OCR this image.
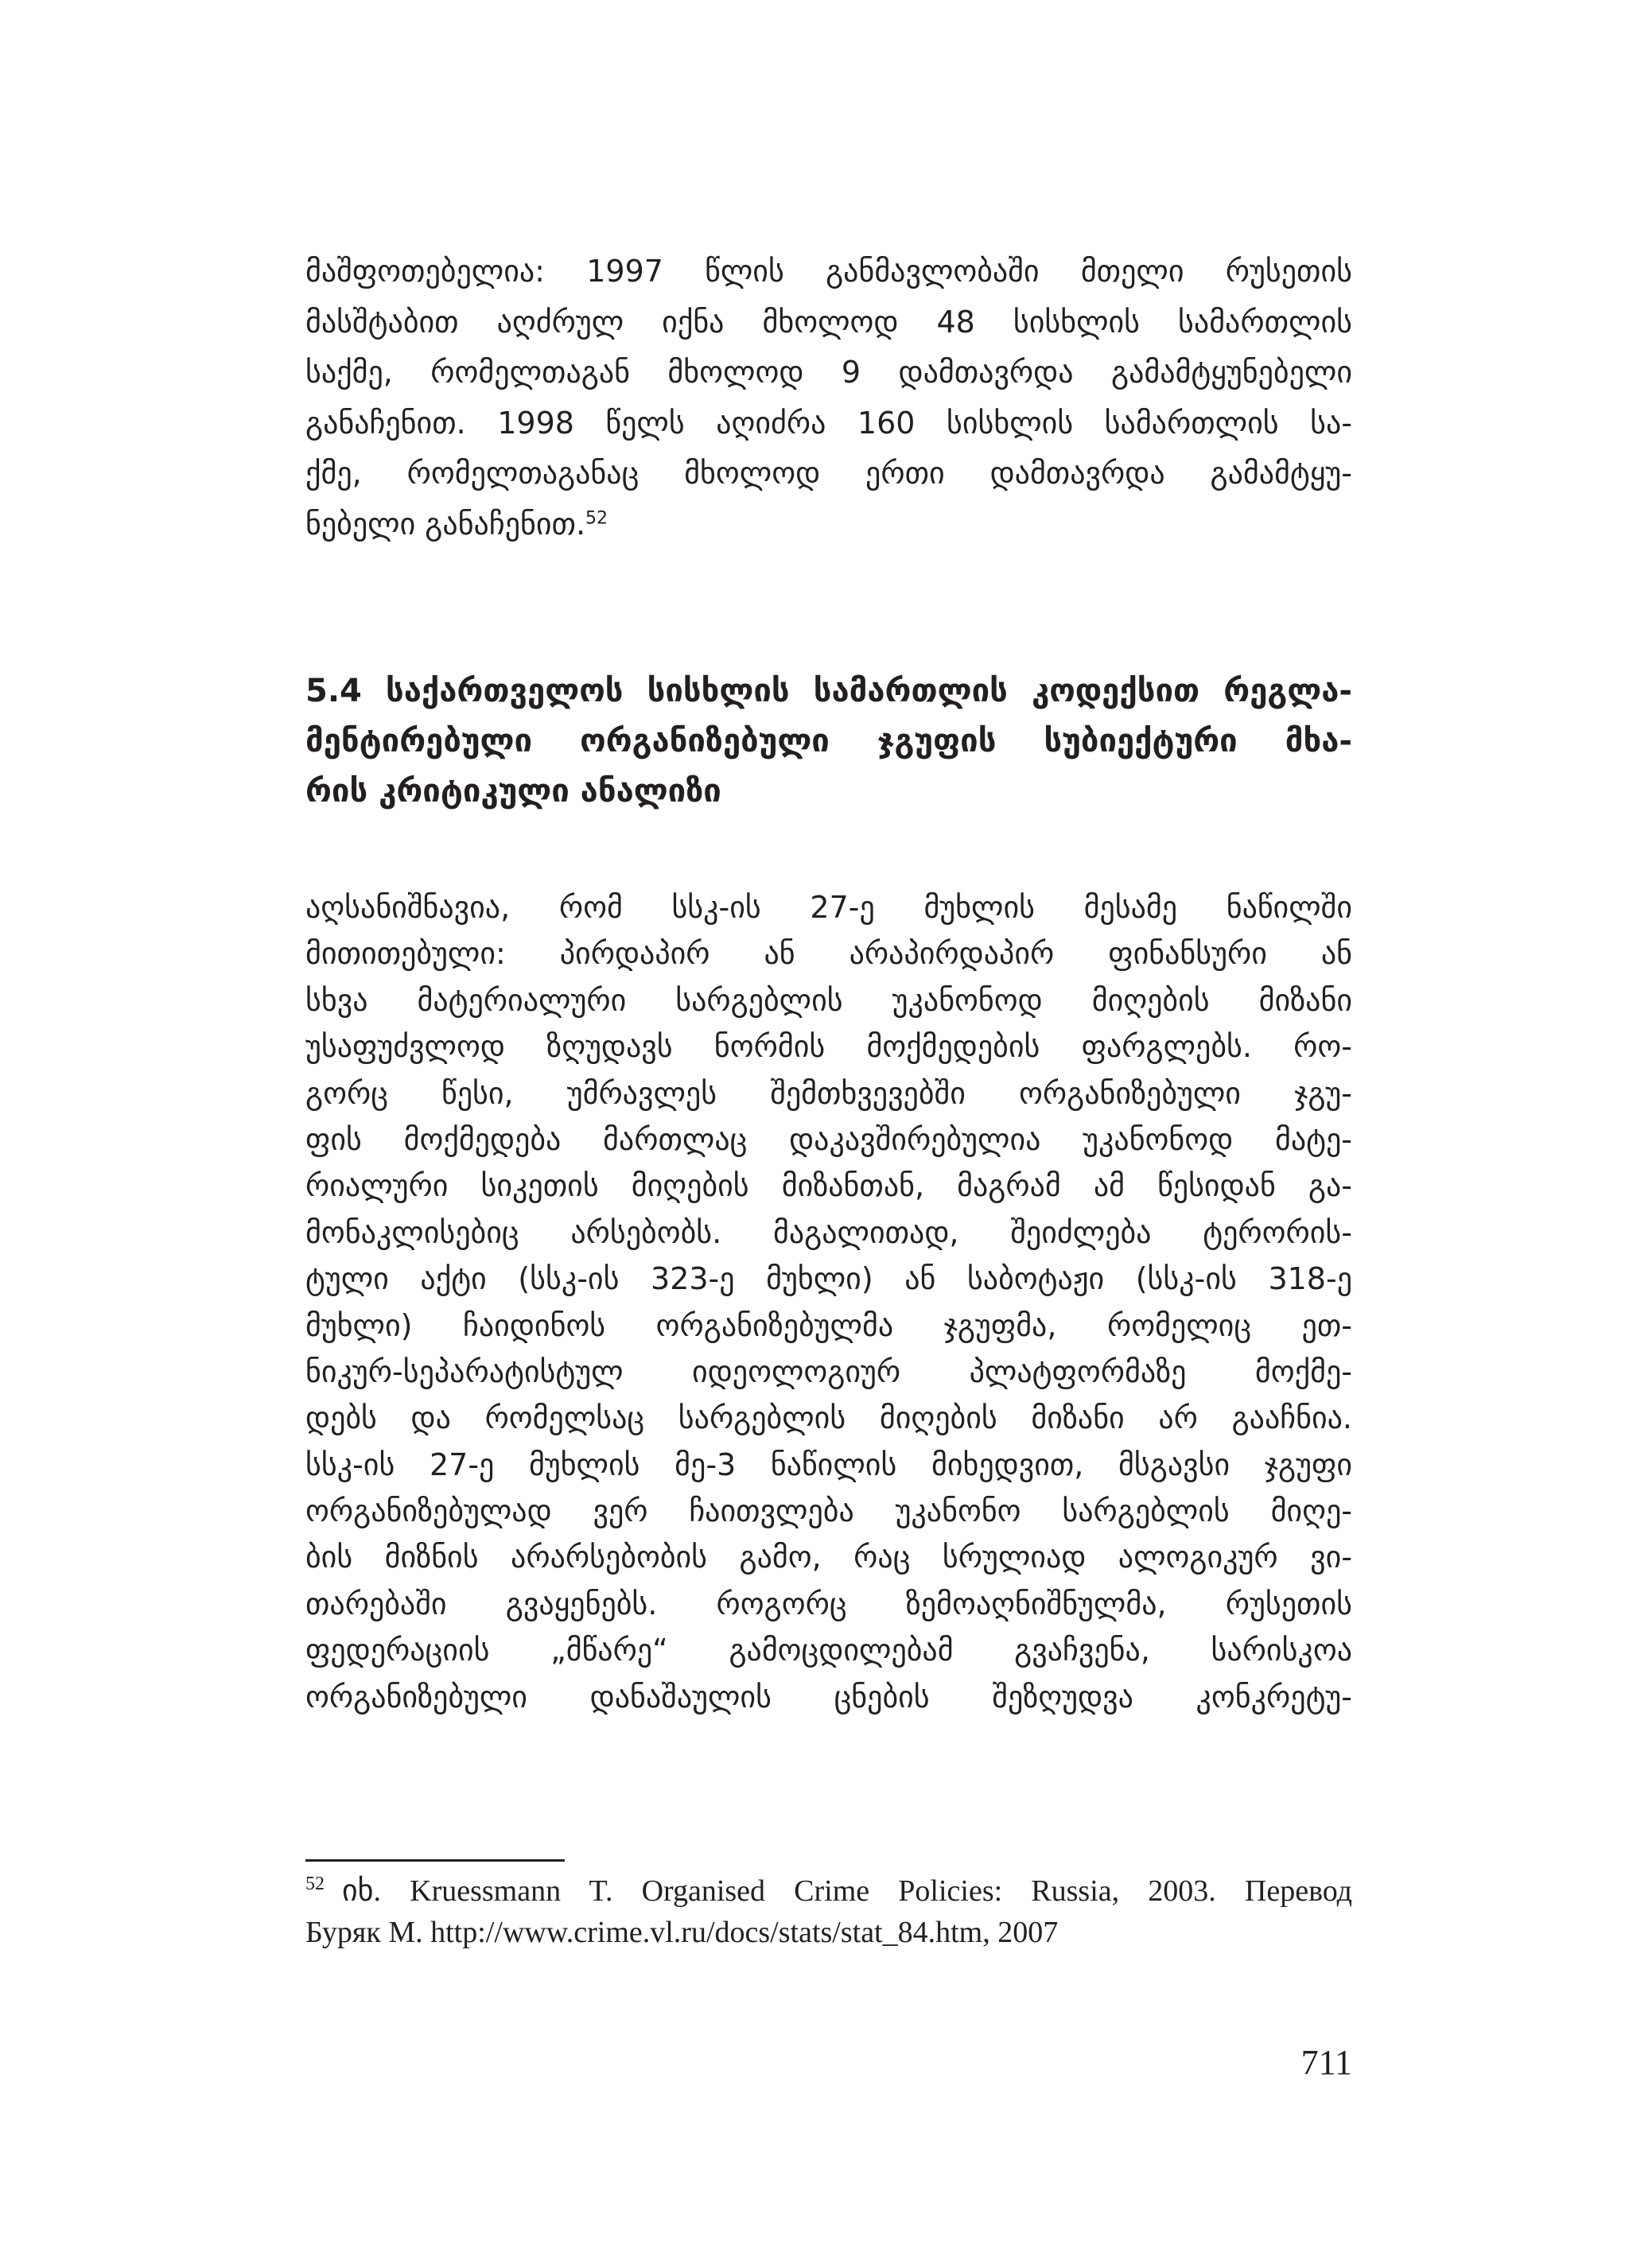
მაშფოთებელია: 1997 წლის განმავლობაში მთელი რუსეთის
მასშტაბით აღძრულ იქნა მხოლოდ 48 სისხლის სამართლის
საქმე, რომელთაგან მხოლოდ 9 დამთავრდა გამამტყუნებელი
განაჩენით. 1998 წელს აღიძრა 160 სისხლის სამართლის სა-
ქმე, რომელთაგანაც მხოლოდ ერთი დამთავრდა გამამტყუ-
ნებელი განაჩენით.$^{52}$
5.4 საქართველოს სისხლის სამართლის კოდექსით რეგლა-
მენტირებული ორგანიზებული ჯგუფის სუბიექტური მხა-
რის კრიტიკული ანალიზი
აღსანიშნავია, რომ სსკ-ის 27-ე მუხლის მესამე ნაწილში
მითითებული: პირდაპირ ან არაპირდაპირ ფინანსური ან
სხვა მატერიალური სარგებლის უკანონოდ მიღების მიზანი
უსაფუძვლოდ ზღუდავს ნორმის მოქმედების ფარგლებს. რო-
გორც წესი, უმრავლეს შემთხვევებში ორგანიზებული ჯგუ-
ფის მოქმედება მართლაც დაკავშირებულია უკანონოდ მატე-
რიალური სიკეთის მიღების მიზანთან, მაგრამ ამ წესიდან გა-
მონაკლისებიც არსებობს. მაგალითად, შეიძლება ტერორის-
ტული აქტი (სსკ-ის 323-ე მუხლი) ან საბოტაჟი (სსკ-ის 318-ე
მუხლი) ჩაიდინოს ორგანიზებულმა ჯგუფმა, რომელიც ეთ-
ნიკურ-სეპარატისტულ იდეოლოგიურ პლატფორმაზე მოქმე-
დებს და რომელსაც სარგებლის მიღების მიზანი არ გააჩნია.
სსკ-ის 27-ე მუხლის მე-3 ნაწილის მიხედვით, მსგავსი ჯგუფი
ორგანიზებულად ვერ ჩაითვლება უკანონო სარგებლის მიღე-
ბის მიზნის არარსებობის გამო, რაც სრულიად ალოგიკურ ვი-
თარებაში გვაყენებს. როგორც ზემოაღნიშნულმა, რუსეთის
ფედერაციის „მწარე“ გამოცდილებამ გვაჩვენა, სარისკოა
ორგანიზებული დანაშაულის ცნების შეზღუდვა კონკრეტუ-
52 იხ. Kruessmann T. Organised Crime Policies: Russia, 2003. Перевод
Буряк М. http://www.crime.vl.ru/docs/stats/stat_84.htm, 2007
711
